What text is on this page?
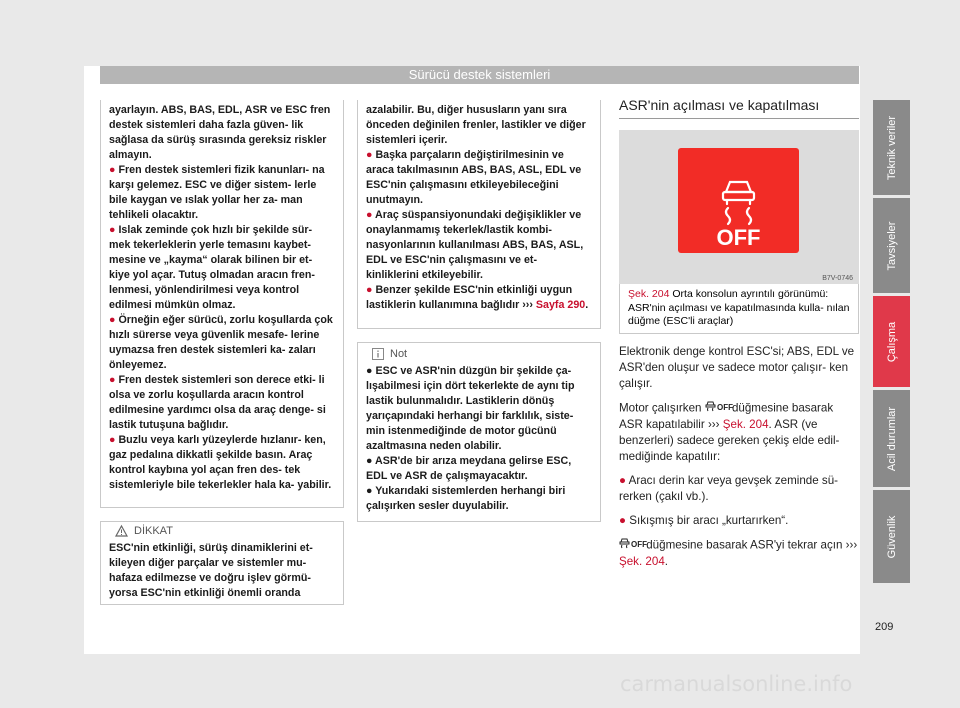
Sürücü destek sistemleri

ayarlayın. ABS, BAS, EDL, ASR ve ESC fren destek sistemleri daha fazla güven- lik sağlasa da sürüş sırasında gereksiz riskler almayın.

● Fren destek sistemleri fizik kanunları- na karşı gelemez. ESC ve diğer sistem- lerle bile kaygan ve ıslak yollar her za- man tehlikeli olacaktır.

● Islak zeminde çok hızlı bir şekilde sür- mek tekerleklerin yerle temasını kaybet- mesine ve „kayma“ olarak bilinen bir et- kiye yol açar. Tutuş olmadan aracın fren- lenmesi, yönlendirilmesi veya kontrol edilmesi mümkün olmaz.

● Örneğin eğer sürücü, zorlu koşullarda çok hızlı sürerse veya güvenlik mesafe- lerine uymazsa fren destek sistemleri ka- zaları önleyemez.

● Fren destek sistemleri son derece etki- li olsa ve zorlu koşullarda aracın kontrol edilmesine yardımcı olsa da araç denge- si lastik tutuşuna bağlıdır.

● Buzlu veya karlı yüzeylerde hızlanır- ken, gaz pedalına dikkatli şekilde basın. Araç kontrol kaybına yol açan fren des- tek sistemleriyle bile tekerlekler hala ka- yabilir.

DİKKAT

ESC'nin etkinliği, sürüş dinamiklerini et- kileyen diğer parçalar ve sistemler mu- hafaza edilmezse ve doğru işlev görmü- yorsa ESC'nin etkinliği önemli oranda

azalabilir. Bu, diğer hususların yanı sıra önceden değinilen frenler, lastikler ve diğer sistemleri içerir.

● Başka parçaların değiştirilmesinin ve araca takılmasının ABS, BAS, ASL, EDL ve ESC'nin çalışmasını etkileyebileceğini unutmayın.

● Araç süspansiyonundaki değişiklikler ve onaylanmamış tekerlek/lastik kombi- nasyonlarının kullanılması ABS, BAS, ASL, EDL ve ESC'nin çalışmasını ve et- kinliklerini etkileyebilir.

● Benzer şekilde ESC'nin etkinliği uygun lastiklerin kullanımına bağlıdır ››› Sayfa 290.

Not

● ESC ve ASR'nin düzgün bir şekilde ça- lışabilmesi için dört tekerlekte de aynı tip lastik bulunmalıdır. Lastiklerin dönüş yarıçapındaki herhangi bir farklılık, siste- min istenmediğinde de motor gücünü azaltmasına neden olabilir.

● ASR'de bir arıza meydana gelirse ESC, EDL ve ASR de çalışmayacaktır.

● Yukarıdaki sistemlerden herhangi biri çalışırken sesler duyulabilir.

ASR'nin açılması ve kapatılması
OFF
B7V-0746
Şek. 204 Orta konsolun ayrıntılı görünümü: ASR'nin açılması ve kapatılmasında kulla- nılan düğme (ESC'li araçlar)

Elektronik denge kontrol ESC'si; ABS, EDL ve ASR'den oluşur ve sadece motor çalışır- ken çalışır.

Motor çalışırken OFF düğmesine basarak ASR kapatılabilir ››› Şek. 204. ASR (ve benzerleri) sadece gereken çekiş elde edil- mediğinde kapatılır:

● Aracı derin kar veya gevşek zeminde sü- rerken (çakıl vb.).

● Sıkışmış bir aracı „kurtarırken“.

OFF düğmesine basarak ASR'yi tekrar açın ››› Şek. 204.

Teknik veriler
Tavsiyeler
Çalışma
Acil durumlar
Güvenlik
209
carmanualsonline.info
